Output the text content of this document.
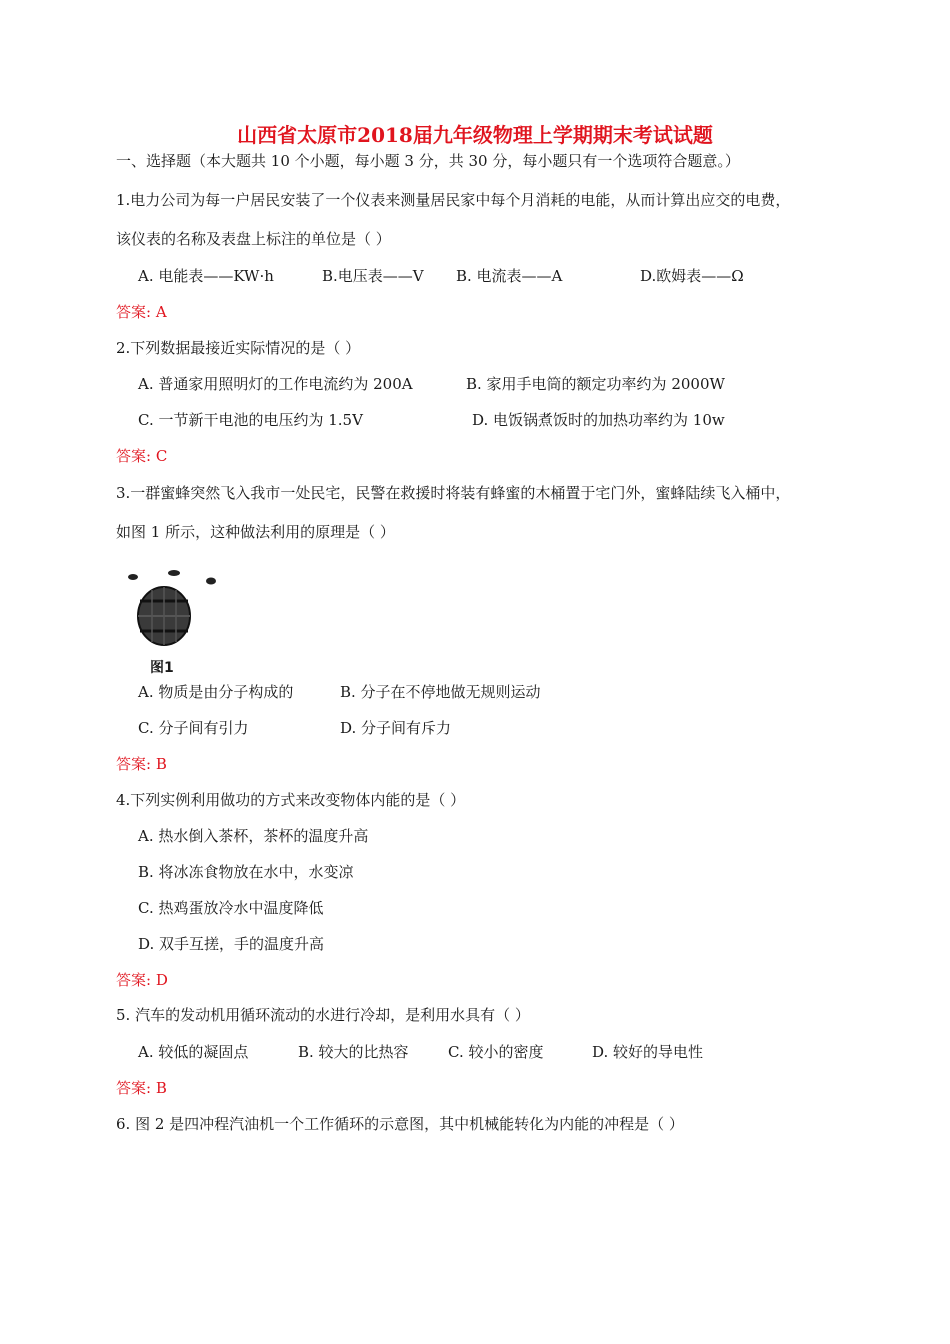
山西省太原市2018届九年级物理上学期期末考试试题
一、选择题（本大题共 10 个小题，每小题 3 分，共 30 分，每小题只有一个选项符合题意。）
1.电力公司为每一户居民安装了一个仪表来测量居民家中每个月消耗的电能，从而计算出应交的电费，
该仪表的名称及表盘上标注的单位是（ ）
A. 电能表——KW·h	B.电压表——V B. 电流表——A	D.欧姆表——Ω
答案: A
2.下列数据最接近实际情况的是（ ）
A. 普通家用照明灯的工作电流约为 200A	B. 家用手电筒的额定功率约为 2000W
C. 一节新干电池的电压约为 1.5V	D. 电饭锅煮饭时的加热功率约为 10w
答案: C
3.一群蜜蜂突然飞入我市一处民宅，民警在救援时将装有蜂蜜的木桶置于宅门外，蜜蜂陆续飞入桶中，
如图 1 所示，这种做法利用的原理是（ ）
图1
A. 物质是由分子构成的	B. 分子在不停地做无规则运动
C. 分子间有引力	D. 分子间有斥力
答案: B
4.下列实例利用做功的方式来改变物体内能的是（ ）
A. 热水倒入茶杯，茶杯的温度升高
B. 将冰冻食物放在水中，水变凉
C. 热鸡蛋放冷水中温度降低
D. 双手互搓，手的温度升高
答案: D
5. 汽车的发动机用循环流动的水进行冷却，是利用水具有（ ）
A. 较低的凝固点	B. 较大的比热容	C. 较小的密度	D. 较好的导电性
答案: B
6. 图 2 是四冲程汽油机一个工作循环的示意图，其中机械能转化为内能的冲程是（ ）
